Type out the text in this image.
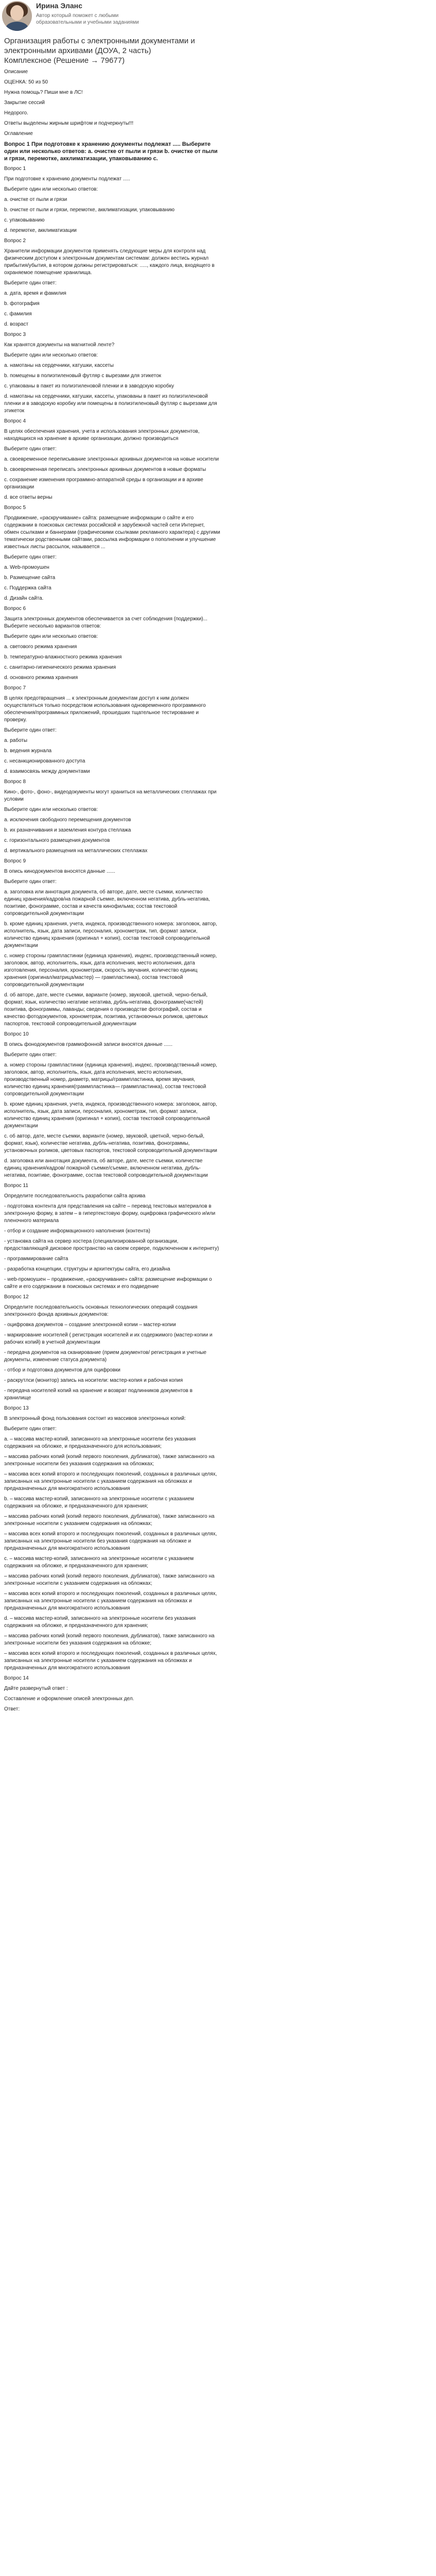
Ирина Эланс
Автор который поможет с любыми образовательными и учебными заданиями
Организация работы с электронными документами и электронными архивами (ДОУА, 2 часть) Комплексное (Решение → 79677)
Описание
ОЦЕНКА: 50 из 50
Нужна помощь? Пиши мне в ЛС!
Закрытие сессий
Недорого.
Ответы выделены жирным шрифтом и подчеркнуты!!!
Оглавление
Вопрос 1 При подготовке к хранению документы подлежат ..... Выберите один или несколько ответов: a. очистке от пыли и грязи b. очистке от пыли и грязи, перемотке, акклиматизации, упаковыванию c.
Вопрос 1
При подготовке к хранению документы подлежат .....
Выберите один или несколько ответов:
a. очистке от пыли и грязи
b. очистке от пыли и грязи, перемотке, акклиматизации, упаковыванию
c. упаковыванию
d. перемотке, акклиматизации
Вопрос 2
Хранители информации документов применять следующие меры для контроля над физическим доступом к электронным документам системам: должен вестись журнал прибытия/убытия, в котором должны регистрироваться: ....., каждого лица, входящего в охраняемое помещение хранилища.
Выберите один ответ:
a. дата, время и фамилия
b. фотография
c. фамилия
d. возраст
Вопрос 3
Как хранятся документы на магнитной ленте?
Выберите один или несколько ответов:
a. намотаны на сердечники, катушки, кассеты
b. помещены в полиэтиленовый футляр с вырезами для этикеток
c. упакованы в пакет из полиэтиленовой пленки и в заводскую коробку
d. намотаны на сердечники, катушки, кассеты, упакованы в пакет из полиэтиленовой пленки и в заводскую коробку или помещены в полиэтиленовый футляр с вырезами для этикеток
Вопрос 4
В целях обеспечения хранения, учета и использования электронных документов, находящихся на хранение в архиве организации, должно производиться
Выберите один ответ:
a. своевременное переписывание электронных архивных документов на новые носители
b. своевременная переписать электронных архивных документов в новые форматы
c. сохранение изменения программно-аппаратной среды в организации и в архиве организации
d. все ответы верны
Вопрос 5
Продвижение, «раскручивание» сайта: размещение информации о сайте и его содержании в поисковых системах российской и зарубежной частей сети Интернет, обмен ссылками и баннерами (графическими ссылками рекламного характера) с другими тематически родственными сайтами, рассылка информации о пополнении и улучшение известных листы рассылок, называется ...
Выберите один ответ:
a. Web-промоушен
b. Размещение сайта
c. Поддержка сайта
d. Дизайн сайта.
Вопрос 6
Защита электронных документов обеспечивается за счет соблюдения (поддержки)... Выберите несколько вариантов ответов:
Выберите один или несколько ответов:
a. светового режима хранения
b. температурно-влажностного режима хранения
c. санитарно-гигиенического режима хранения
d. основного режима хранения
Вопрос 7
В целях предотвращения ... к электронным документам доступ к ним должен осуществляться только посредством использования одновременного программного обеспечения/программных приложений, прошедших тщательное тестирование и проверку.
Выберите один ответ:
a. работы
b. ведения журнала
c. несанкционированного доступа
d. взаимосвязь между документами
Вопрос 8
Кино-, фото-, фоно-, видеодокументы могут храниться на металлических стеллажах при условии
Выберите один или несколько ответов:
a. исключения свободного перемещения документов
b. их разначчивания и заземления контура стеллажа
c. горизонтального размещения документов
d. вертикального размещения на металлических стеллажах
Вопрос 9
В опись кинодокументов вносятся данные ......
Выберите один ответ:
a. заголовка или аннотация документа, об авторе, дате, месте съемки, количество единиц хранения/кадров/на пожарной съемке, включенном негатива, дубль-негатива, позитиве, фонограмме, состав и качеств кинофильма; состав текстовой сопроводительной документации
b. кроме единиц хранения, учета, индекса, производственного номера: заголовок, автор, исполнитель, язык, дата записи, персоналия, хронометраж, тип, формат записи, количество единиц хранения (оригинал + копия), состав текстовой сопроводительной документации
c. номер стороны грампластинки (единица хранения), индекс, производственный номер, заголовок, автор, исполнитель, язык, дата исполнения, место исполнения, дата изготовления, персоналия, хронометраж, скорость звучания, количество единиц хранения (оригинал/матрица/мастер) — грампластинка), состав текстовой сопроводительной документации
d. об авторе, дате, месте съемки, варианте (номер, звуковой, цветной, черно-белый, формат, язык, количество негативе негатива, дубль-негатива, фонограмме(частей) позитива, фонограммы, лаванды; сведения о производстве фотографий, состав и качество фотодокументов, хронометраж, позитива, установочных роликов, цветовых паспортов, текстовой сопроводительной документации
Вопрос 10
В опись фонодокументов граммофонной записи вносятся данные ......
Выберите один ответ:
a. номер стороны грампластинки (единица хранения), индекс, производственный номер, заголовок, автор, исполнитель, язык, дата исполнения, место исполнения, производственный номер, диаметр, матрицы/граммпластинка, время звучания, количество единиц хранения(граммпластинка— граммпластинка), состав текстовой сопроводительной документации
b. кроме единиц хранения, учета, индекса, производственного номера: заголовок, автор, исполнитель, язык, дата записи, персоналия, хронометраж, тип, формат записи, количество единиц хранения (оригинал + копия), состав текстовой сопроводительной документации
c. об автор, дате, месте съемки, варианте (номер, звуковой, цветной, черно-белый, формат, язык), количестве негатива, дубль-негатива, позитива, фонограммы, установочных роликов, цветовых паспортов, текстовой сопроводительной документации
d. заголовка или аннотация документа, об авторе, дате, месте съемки, количестве единиц хранения/кадров/ пожарной съемке/съемке, включенном негатива, дубль-негатива, позитиве, фонограмме, состав текстовой сопроводительной документации
Вопрос 11
Определите последовательность разработки сайта архива
- подготовка контента для представления на сайте – перевод текстовых материалов в электронную форму, в затем – в гипертекстовую форму, оцифровка графического и/или пленочного материала
- отбор и создание информационного наполнения (контента)
- установка сайта на сервер хостера (специализированной организации, предоставляющей дисковое пространство на своем сервере, подключенном к интернету)
- программирование сайта
- разработка концепции, структуры и архитектуры сайта, его дизайна
- web-промоушен – продвижение, «раскручивание» сайта: размещение информации о сайте и его содержании в поисковых системах и его подведение
Вопрос 12
Определите последовательность основных технологических операций создания электронного фонда архивных документов:
- оцифровка документов – создание электронной копии – мастер-копии
- маркирование носителей ( регистрация носителей и их содержимого (мастер-копии и рабочих копий) в учетной документации
- передача документов на сканирование (прием документов/ регистрация и учетные документы, изменение статуса документа)
- отбор и подготовка документов для оцифровки
- раскрутлси (монитор) запись на носители: мастер-копия и рабочая копия
- передача носителей копий на хранение и возврат подлинников документов в хранилище
Вопрос 13
В электронный фонд пользования состоит из массивов электронных копий:
Выберите один ответ:
a. – массива мастер-копий, записанного на электронные носители без указания содержания на обложке, и предназначенного для использования;
– массива рабочих копий (копий первого поколения, дубликатов), также записанного на электронные носители без указания содержания на обложках;
– массива всех копий второго и последующих поколений, созданных в различных целях, записанных на электронные носители с указанием содержания на обложках и предназначенных для многократного использования
b. – массива мастер-копий, записанного на электронные носители с указанием содержания на обложке, и предназначенного для хранения;
– массива рабочих копий (копий первого поколения, дубликатов), также записанного на электронные носители с указанием содержания на обложках;
– массива всех копий второго и последующих поколений, созданных в различных целях, записанных на электронные носители без указания содержания на обложке и предназначенных для многократного использования
c. – массива мастер-копий, записанного на электронные носители с указанием содержания на обложке, и предназначенного для хранения;
– массива рабочих копий (копий первого поколения, дубликатов), также записанного на электронные носители с указанием содержания на обложках;
– массива всех копий второго и последующих поколений, созданных в различных целях, записанных на электронные носители с указанием содержания на обложках и предназначенных для многократного использования
d. – массива мастер-копий, записанного на электронные носители без указания содержания на обложке, и предназначенного для хранения;
– массива рабочих копий (копий первого поколения, дубликатов), также записанного на электронные носители без указания содержания на обложке;
– массива всех копий второго и последующих поколений, созданных в различных целях, записанных на электронные носители с указанием содержания на обложках и предназначенных для многократного использования
Вопрос 14
Дайте развернутый ответ :
Составление и оформление описей электронных дел.
Ответ:
